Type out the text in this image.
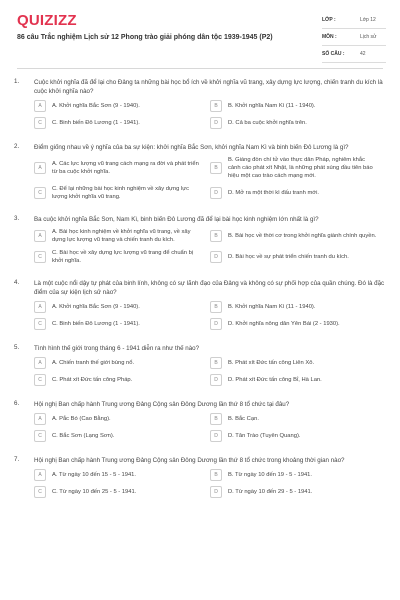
QUIZIZZ
86 câu Trắc nghiệm Lịch sử 12 Phong trào giải phóng dân tộc 1939-1945 (P2)
LỚP :	Lớp 12
MÔN :	Lịch sử
SỐ CÂU :	42
1. Cuộc khởi nghĩa đã để lại cho Đảng ta những bài học bổ ích về khởi nghĩa vũ trang, xây dựng lực lượng, chiến tranh du kích là cuộc khởi nghĩa nào?
A	A. Khởi nghĩa Bắc Sơn (9 - 1940).	B	B. Khởi nghĩa Nam Kì (11 - 1940).
C	C. Binh biến Đô Lương (1 - 1941).	D	D. Cả ba cuộc khởi nghĩa trên.
2. Điểm giống nhau về ý nghĩa của ba sự kiện: khởi nghĩa Bắc Sơn, khởi nghĩa Nam Kì và binh biến Đô Lương là gì?
A
A. Các lực lượng vũ trang cách mạng ra đời và phát triển từ ba cuộc khởi nghĩa.
B
B. Giáng đòn chí tử vào thực dân Pháp, nghiêm khắc cảnh cáo phát xít Nhật, là những phát súng đầu tiên báo hiệu một cao trào cách mạng mới.
C
C. Để lại những bài học kinh nghiệm về xây dựng lực lượng khởi nghĩa vũ trang.
D	D. Mở ra một thời kì đấu tranh mới.
3. Ba cuộc khởi nghĩa Bắc Sơn, Nam Kì, binh biến Đô Lương đã để lại bài học kinh nghiệm lớn nhất là gì?
A
A. Bài học kinh nghiệm về khởi nghĩa vũ trang, về xây dựng lực lượng vũ trang và chiến tranh du kích.
B	B. Bài học về thời cơ trong khởi nghĩa giành chính quyền.
C
C. Bài học về xây dựng lực lượng vũ trang để chuẩn bị khởi nghĩa.
D	D. Bài học về sự phát triển chiến tranh du kích.
4. Là một cuộc nổi dậy tự phát của binh lính, không có sự lãnh đạo của Đảng và không có sự phối hợp của quần chúng. Đó là đặc điểm của sự kiện lịch sử nào?
A	A. Khởi nghĩa Bắc Sơn (9 - 1940).	B	B. Khởi nghĩa Nam Kì (11 - 1940).
C	C. Binh biến Đô Lương (1 - 1941).	D	D. Khởi nghĩa nông dân Yên Bái (2 - 1930).
5. Tình hình thế giới trong tháng 6 - 1941 diễn ra như thế nào?
A	A. Chiến tranh thế giới bùng nổ.	B	B. Phát xít Đức tấn công Liên Xô.
C	C. Phát xít Đức tấn công Pháp.	D	D. Phát xít Đức tấn công Bỉ, Hà Lan.
6. Hội nghị Ban chấp hành Trung ương Đảng Cộng sản Đông Dương lần thứ 8 tổ chức tại đâu?
A	A. Pắc Bó (Cao Bằng).	B	B. Bắc Cạn.
C	C. Bắc Sơn (Lạng Sơn).	D	D. Tân Trào (Tuyên Quang).
7. Hội nghị Ban chấp hành Trung ương Đảng Cộng sản Đông Dương lần thứ 8 tổ chức trong khoảng thời gian nào?
A	A. Từ ngày 10 đến 15 - 5 - 1941.	B	B. Từ ngày 10 đến 19 - 5 - 1941.
C	C. Từ ngày 10 đến 25 - 5 - 1941.	D	D. Từ ngày 10 đến 29 - 5 - 1941.
